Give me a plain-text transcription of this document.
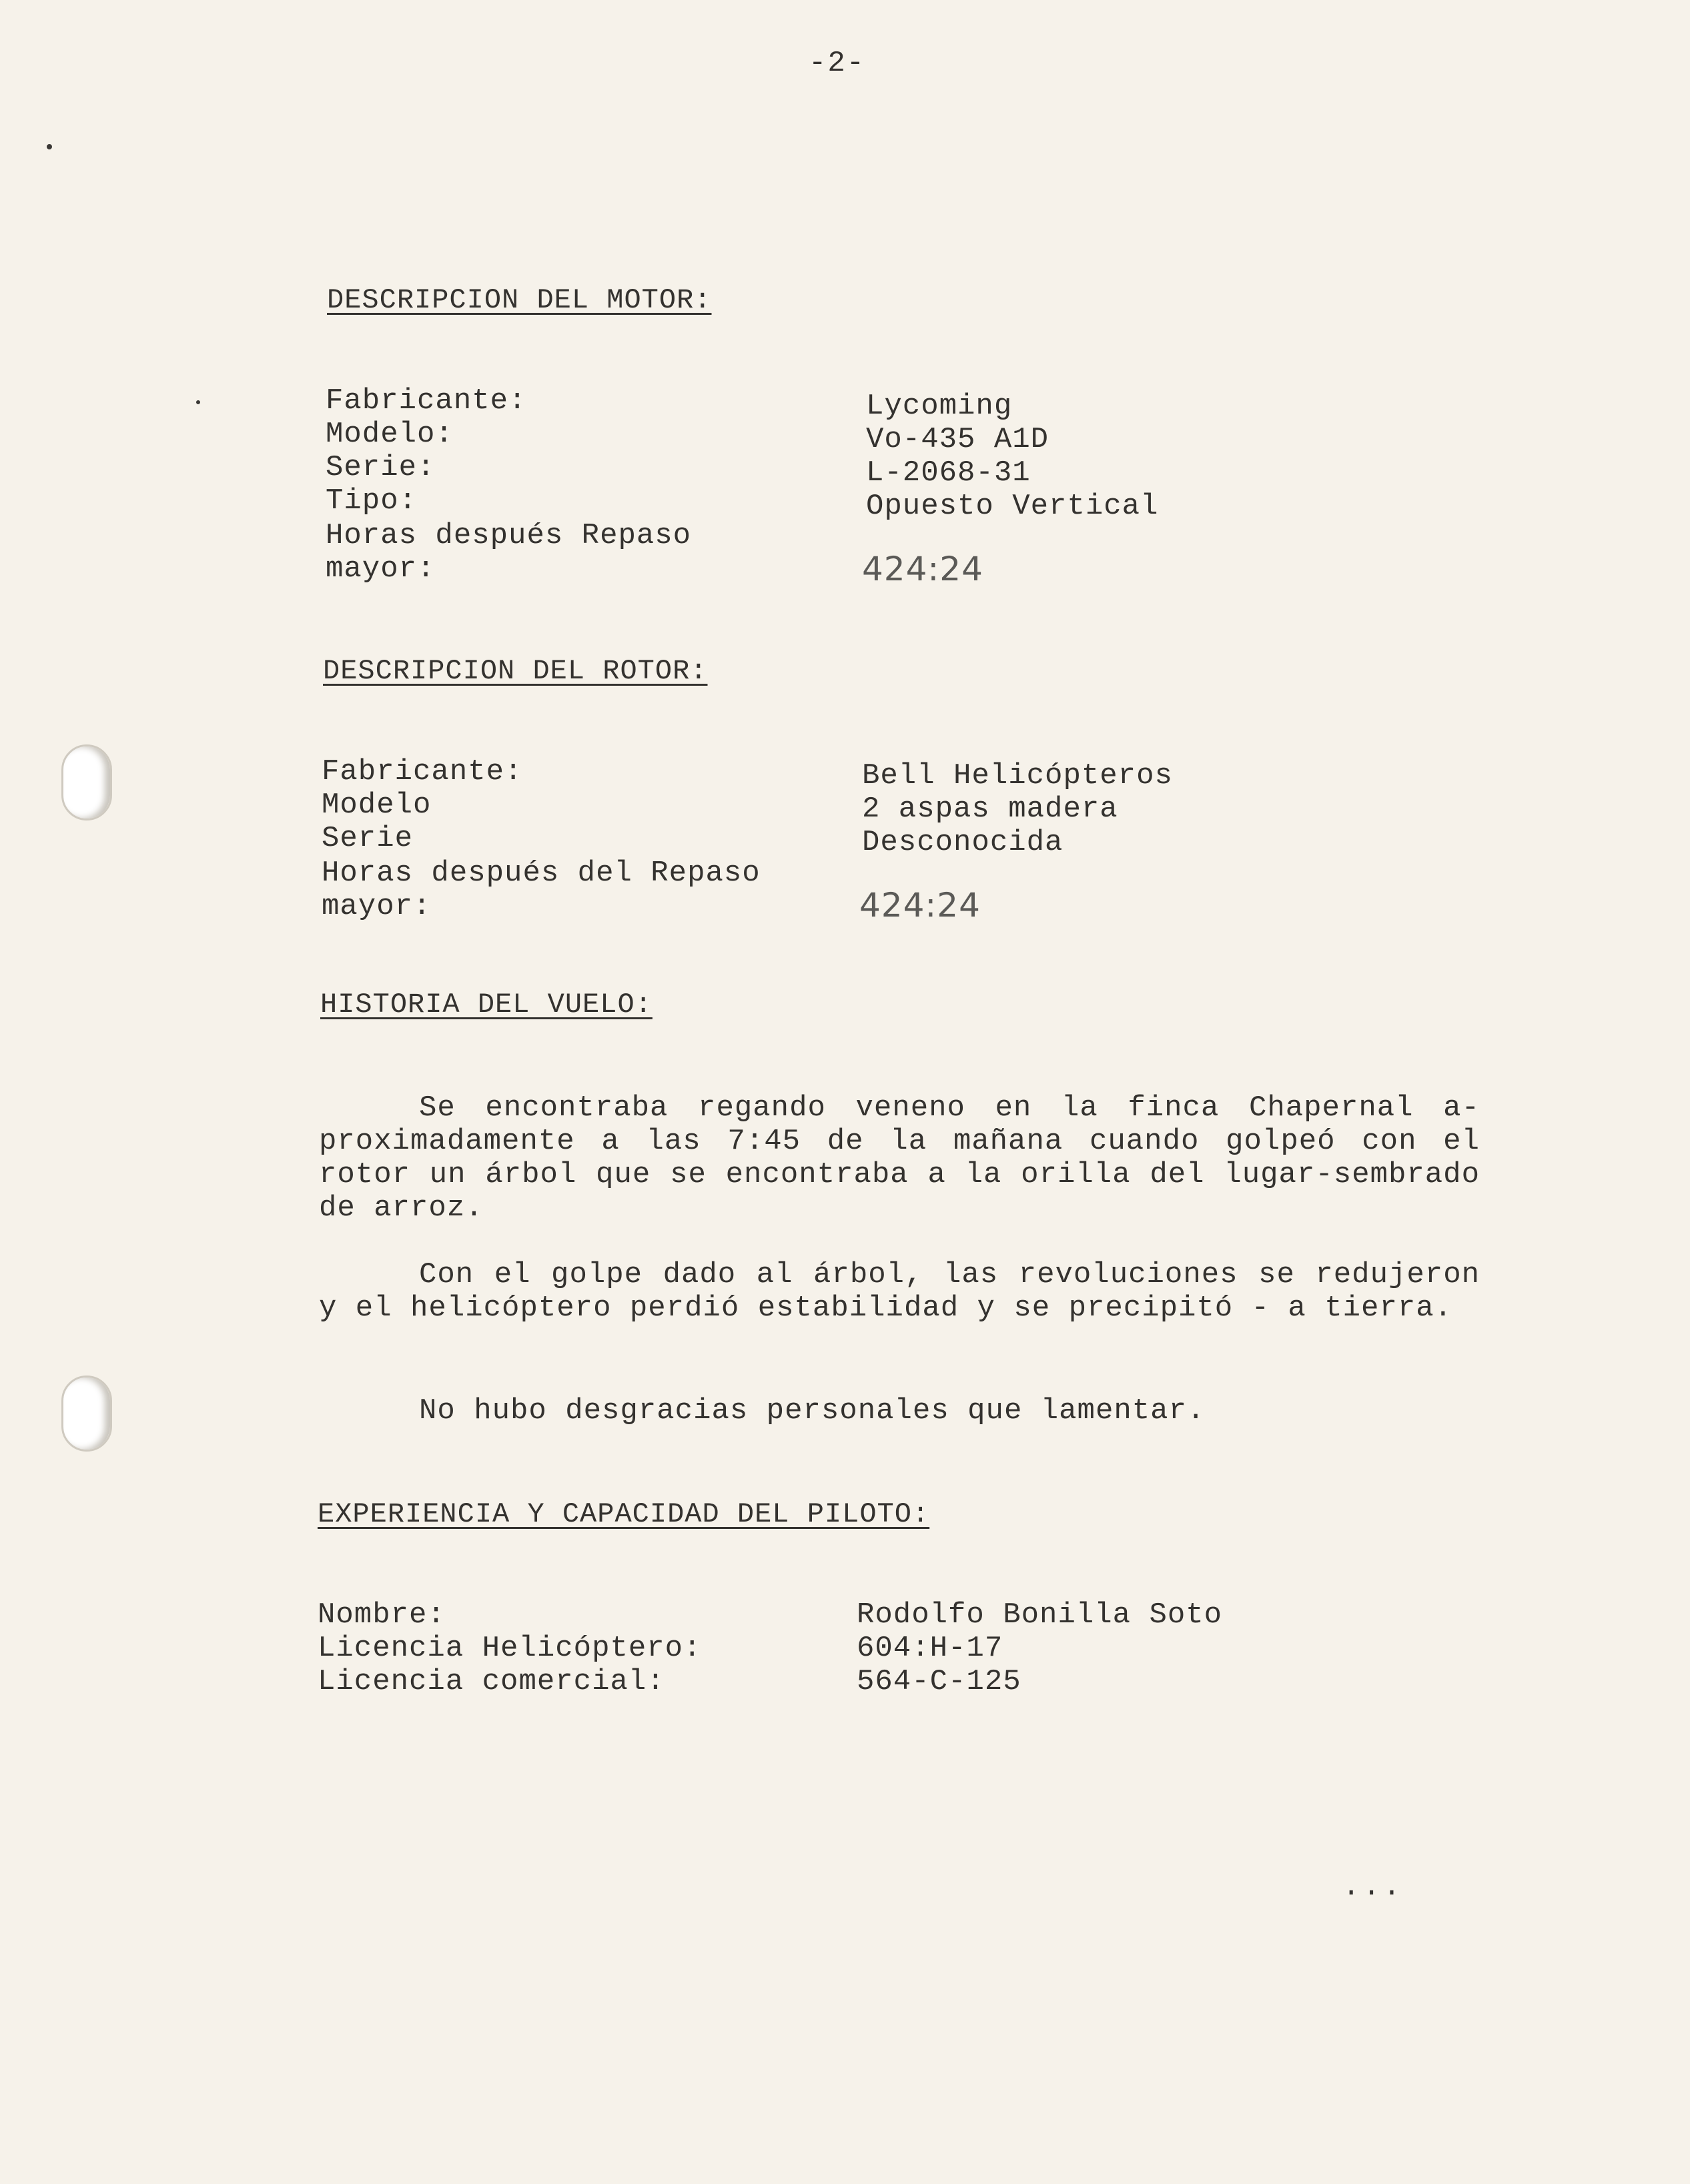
-2-
DESCRIPCION DEL MOTOR:
Fabricante:
Modelo:
Serie:
Tipo:
Horas después Repaso
mayor:
Lycoming
Vo-435 A1D
L-2068-31
Opuesto Vertical
424:24
DESCRIPCION DEL ROTOR:
Fabricante:
Modelo
Serie
Horas después del Repaso
mayor:
Bell Helicópteros
2 aspas madera
Desconocida
424:24
HISTORIA DEL VUELO:

Se encontraba regando veneno en la finca Chapernal a-proximadamente a las 7:45 de la mañana cuando golpeó con el rotor un árbol que se encontraba a la orilla del lugar-sembrado de arroz.

Con el golpe dado al árbol, las revoluciones se redujeron y el helicóptero perdió estabilidad y se precipitó - a tierra.

No hubo desgracias personales que lamentar.

EXPERIENCIA Y CAPACIDAD DEL PILOTO:
Nombre:
Licencia Helicóptero:
Licencia comercial:
Rodolfo Bonilla Soto
604:H-17
564-C-125
...
